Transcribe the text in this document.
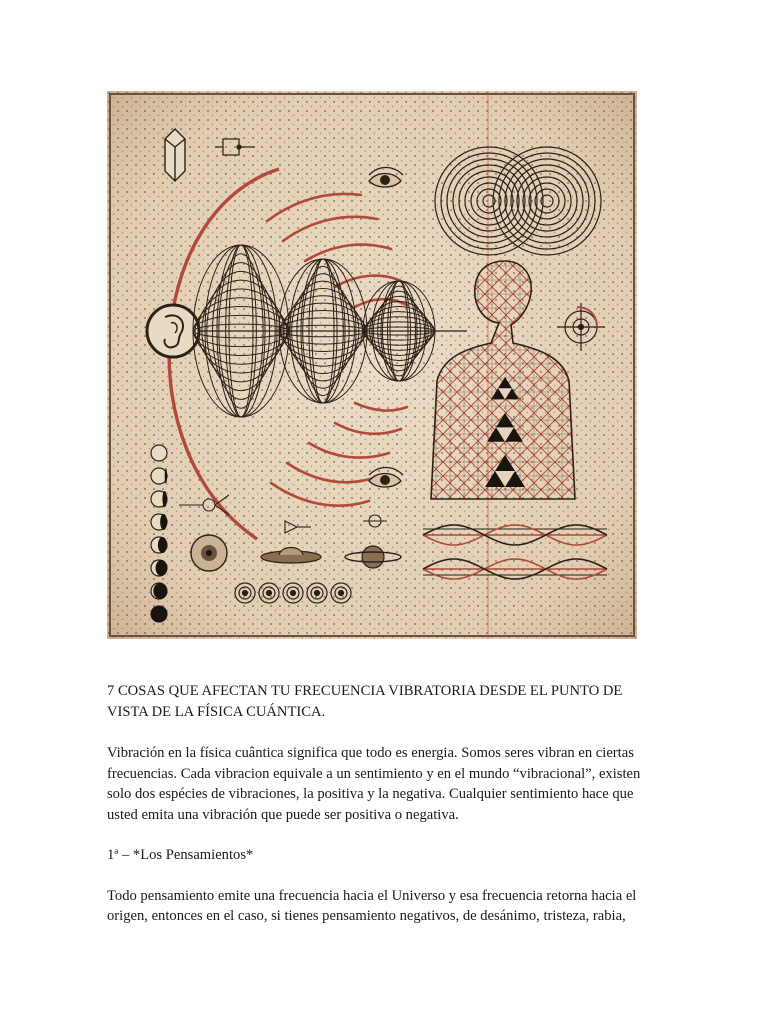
7 COSAS QUE AFECTAN TU FRECUENCIA VIBRATORIA DESDE EL PUNTO DE
VISTA DE LA FÍSICA CUÁNTICA.

Vibración en la física cuântica significa que todo es energia. Somos seres vibran en ciertas
frecuencias. Cada vibracion equivale a un sentimiento y en el mundo “vibracional”, existen
solo dos espécies de vibraciones, la positiva y la negativa. Cualquier sentimiento hace que
usted emita una vibración que puede ser positiva o negativa.

1ª – *Los Pensamientos*

Todo pensamiento emite una frecuencia hacia el Universo y esa frecuencia retorna hacia el
origen, entonces en el caso, si tienes pensamiento negativos, de desánimo, tristeza, rabia,
